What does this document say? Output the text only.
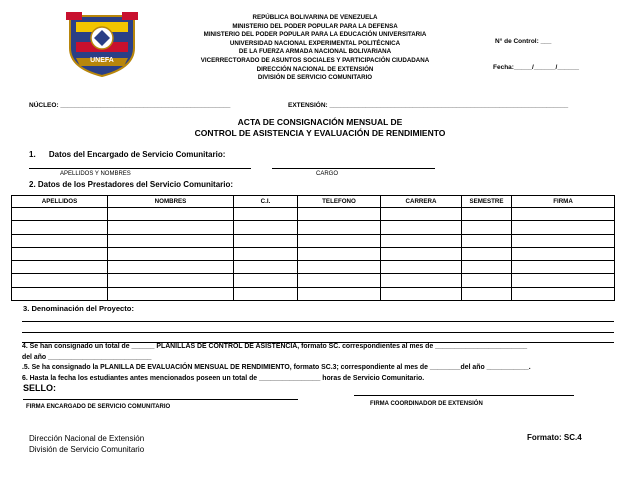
UNEFA
REPÚBLICA BOLIVARINA DE VENEZUELA
MINISTERIO DEL PODER POPULAR PARA LA DEFENSA
MINISTERIO DEL PODER POPULAR PARA LA EDUCACIÓN UNIVERSITARIA
UNIVERSIDAD NACIONAL EXPERIMENTAL POLITÉCNICA
DE LA FUERZA ARMADA NACIONAL BOLIVARIANA
VICERRECTORADO DE ASUNTOS SOCIALES Y PARTICIPACIÓN CIUDADANA
DIRECCIÓN NACIONAL DE EXTENSIÓN
DIVISIÓN DE SERVICIO COMUNITARIO
N° de Control: ___
Fecha:_____/______/______
NÚCLEO: _______________________________________________	EXTENSIÓN: __________________________________________________________________
ACTA DE CONSIGNACIÓN MENSUAL DE
CONTROL DE ASISTENCIA Y EVALUACIÓN DE RENDIMIENTO
1. Datos del Encargado de Servicio Comunitario:
APELLIDOS Y NOMBRES	CARGO
2. Datos de los Prestadores del Servicio Comunitario:
APELLIDOS	NOMBRES	C.I.	TELEFONO	CARRERA	SEMESTRE	FIRMA

3. Denominación del Proyecto:
4. Se han consignado un total de ______ PLANILLAS DE CONTROL DE ASISTENCIA, formato SC. correspondientes al mes de ________________________
del año ___________________________
.5. Se ha consignado la PLANILLA DE EVALUACIÓN MENSUAL DE RENDIMIENTO, formato SC.3; correspondiente al mes de ________del año ___________.
6. Hasta la fecha los estudiantes antes mencionados poseen un total de ________________ horas de Servicio Comunitario.
SELLO:
FIRMA ENCARGADO DE SERVICIO COMUNITARIO	FIRMA COORDINADOR DE EXTENSIÓN
Dirección Nacional de Extensión
División de Servicio Comunitario
Formato: SC.4
